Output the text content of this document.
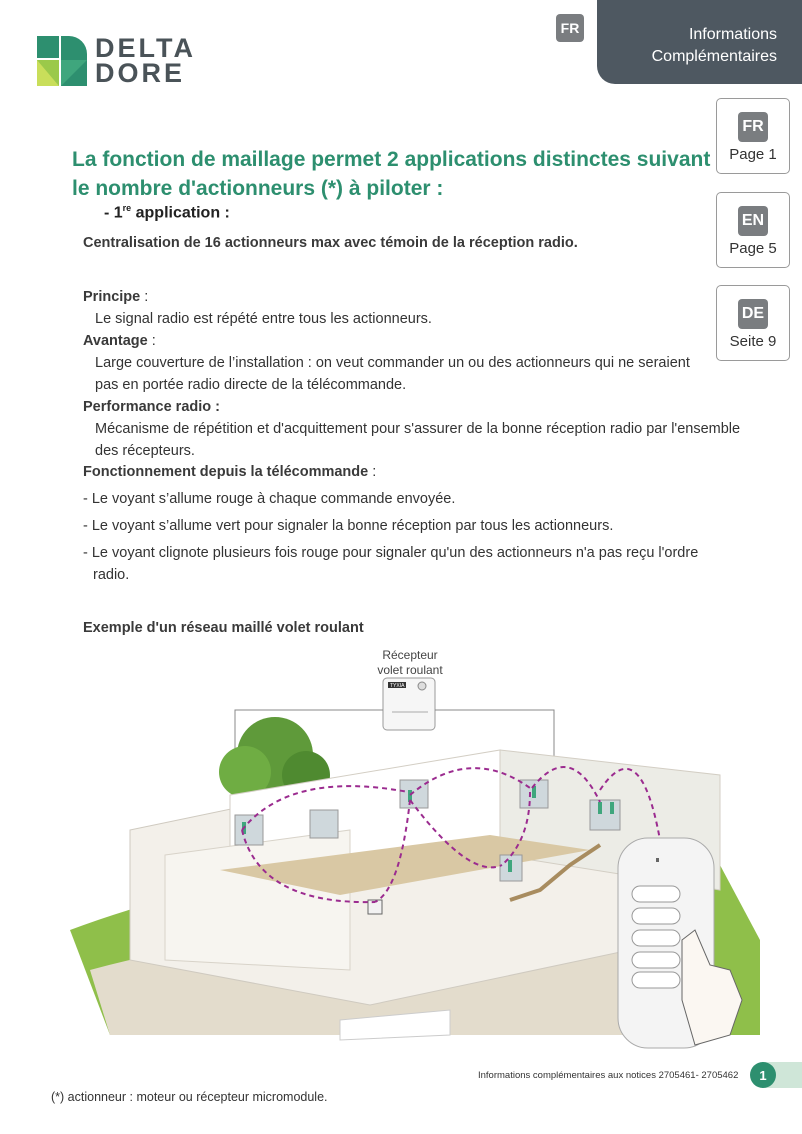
DELTA
DORE
FR	Informations
Complémentaires
FR
Page 1
EN
Page 5
DE
Seite 9
La fonction de maillage permet 2 applications distinctes suivant le nombre d'actionneurs (*) à piloter :
- 1re application :

Centralisation de 16 actionneurs max avec témoin de la réception radio.

Principe :
Le signal radio est répété entre tous les actionneurs.

Avantage :
Large couverture de l’installation : on veut commander un ou des actionneurs qui ne seraient pas en portée radio directe de la télécommande.

Performance radio :
Mécanisme de répétition et d'acquittement pour s'assurer de la bonne réception radio par l'ensemble des récepteurs.

Fonctionnement depuis la télécommande :

- Le voyant s’allume rouge à chaque commande envoyée.

- Le voyant s’allume vert pour signaler la bonne réception par tous les actionneurs.

- Le voyant clignote plusieurs fois rouge pour signaler qu'un des actionneurs n'a pas reçu l'ordre radio.

Exemple d'un réseau maillé volet roulant

Récepteur
volet roulant
TYXIA
Informations complémentaires aux notices 2705461- 2705462	1
(*) actionneur : moteur ou récepteur micromodule.
